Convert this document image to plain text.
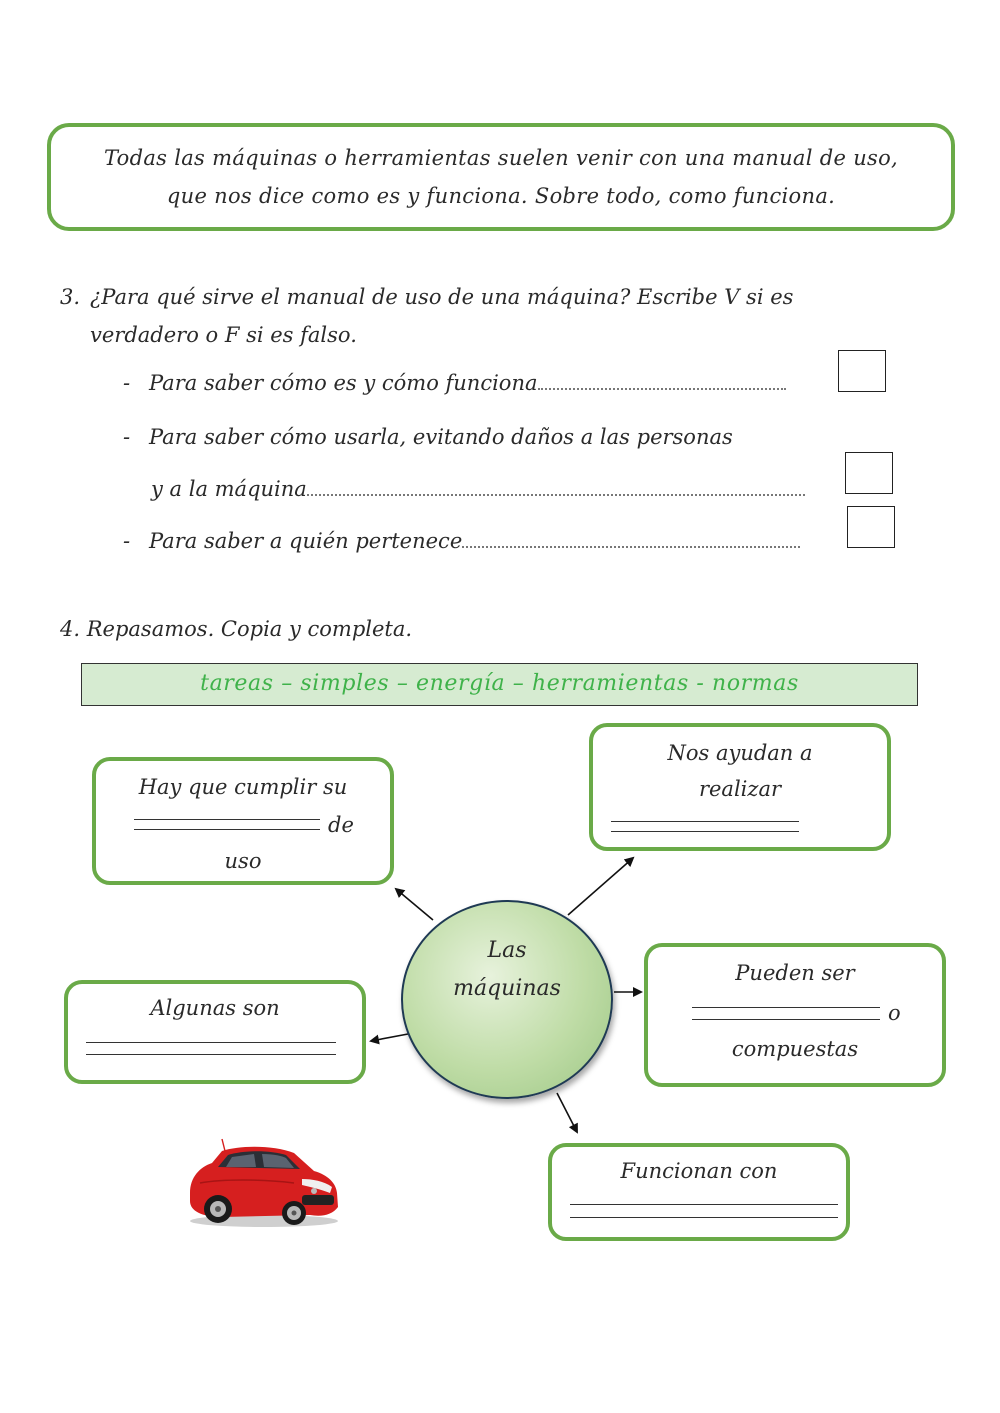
Todas las máquinas o herramientas suelen venir con una manual de uso,
que nos dice como es y funciona. Sobre todo, como funciona.
3. ¿Para qué sirve el manual de uso de una máquina? Escribe V si es
verdadero o F si es falso.
- Para saber cómo es y cómo funciona
- Para saber cómo usarla, evitando daños a las personas
y a la máquina
- Para saber a quién pertenece
4. Repasamos. Copia y completa.
tareas – simples – energía – herramientas - normas
Hay que cumplir su
de
uso
Nos ayudan a
realizar
Las
máquinas
Pueden ser
o
compuestas
Algunas son
Funcionan con
